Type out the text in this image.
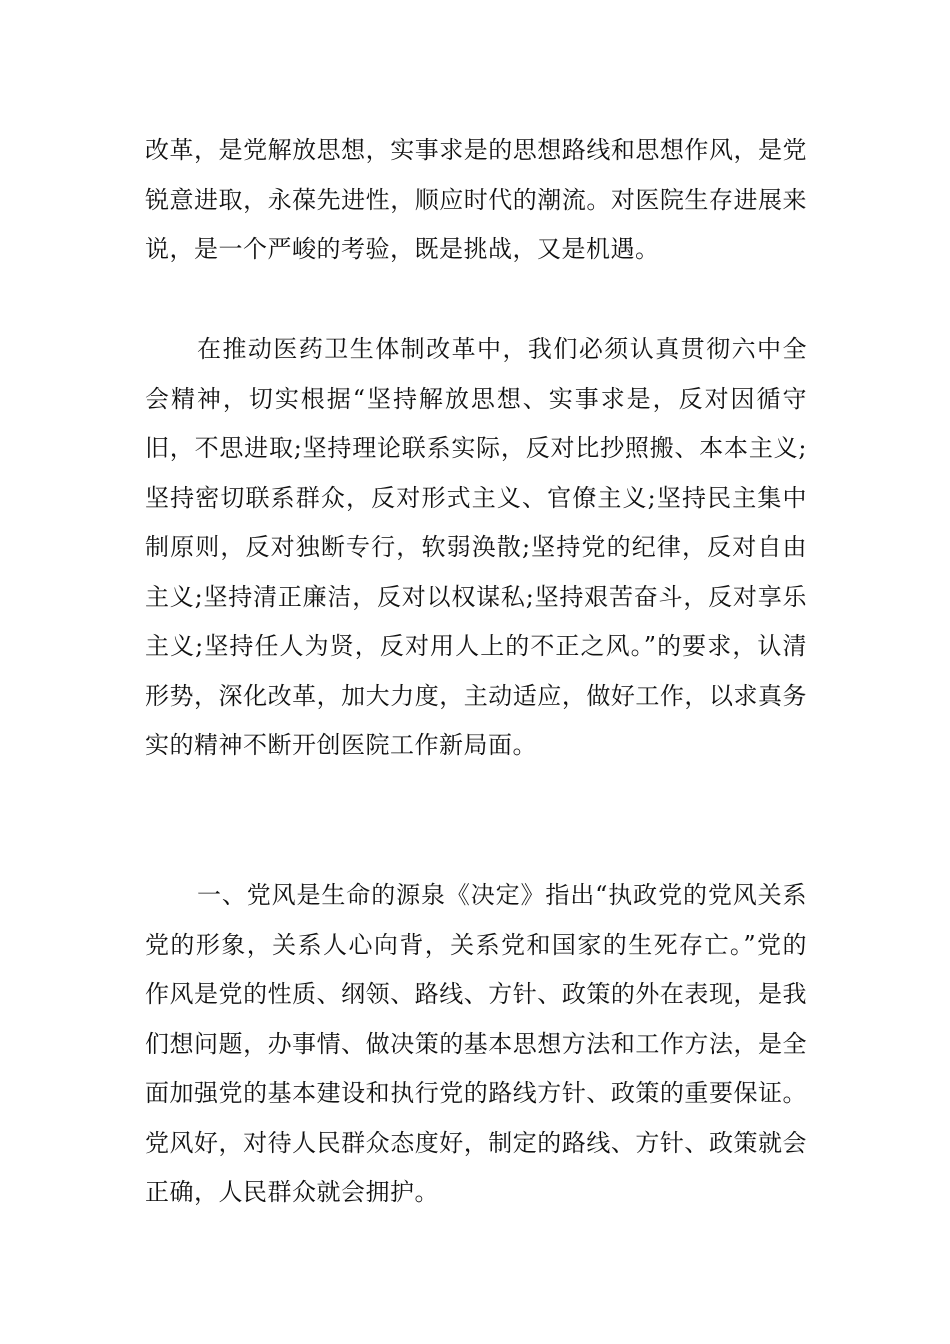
改革，是党解放思想，实事求是的思想路线和思想作风，是党锐意进取，永葆先进性，顺应时代的潮流。对医院生存进展来说，是一个严峻的考验，既是挑战，又是机遇。

在推动医药卫生体制改革中，我们必须认真贯彻六中全会精神，切实根据“坚持解放思想、实事求是，反对因循守旧，不思进取;坚持理论联系实际，反对比抄照搬、本本主义;坚持密切联系群众，反对形式主义、官僚主义;坚持民主集中制原则，反对独断专行，软弱涣散;坚持党的纪律，反对自由主义;坚持清正廉洁，反对以权谋私;坚持艰苦奋斗，反对享乐主义;坚持任人为贤，反对用人上的不正之风。”的要求，认清形势，深化改革，加大力度，主动适应，做好工作，以求真务实的精神不断开创医院工作新局面。

一、党风是生命的源泉《决定》指出“执政党的党风关系党的形象，关系人心向背，关系党和国家的生死存亡。”党的作风是党的性质、纲领、路线、方针、政策的外在表现，是我们想问题，办事情、做决策的基本思想方法和工作方法，是全面加强党的基本建设和执行党的路线方针、政策的重要保证。党风好，对待人民群众态度好，制定的路线、方针、政策就会正确，人民群众就会拥护。
